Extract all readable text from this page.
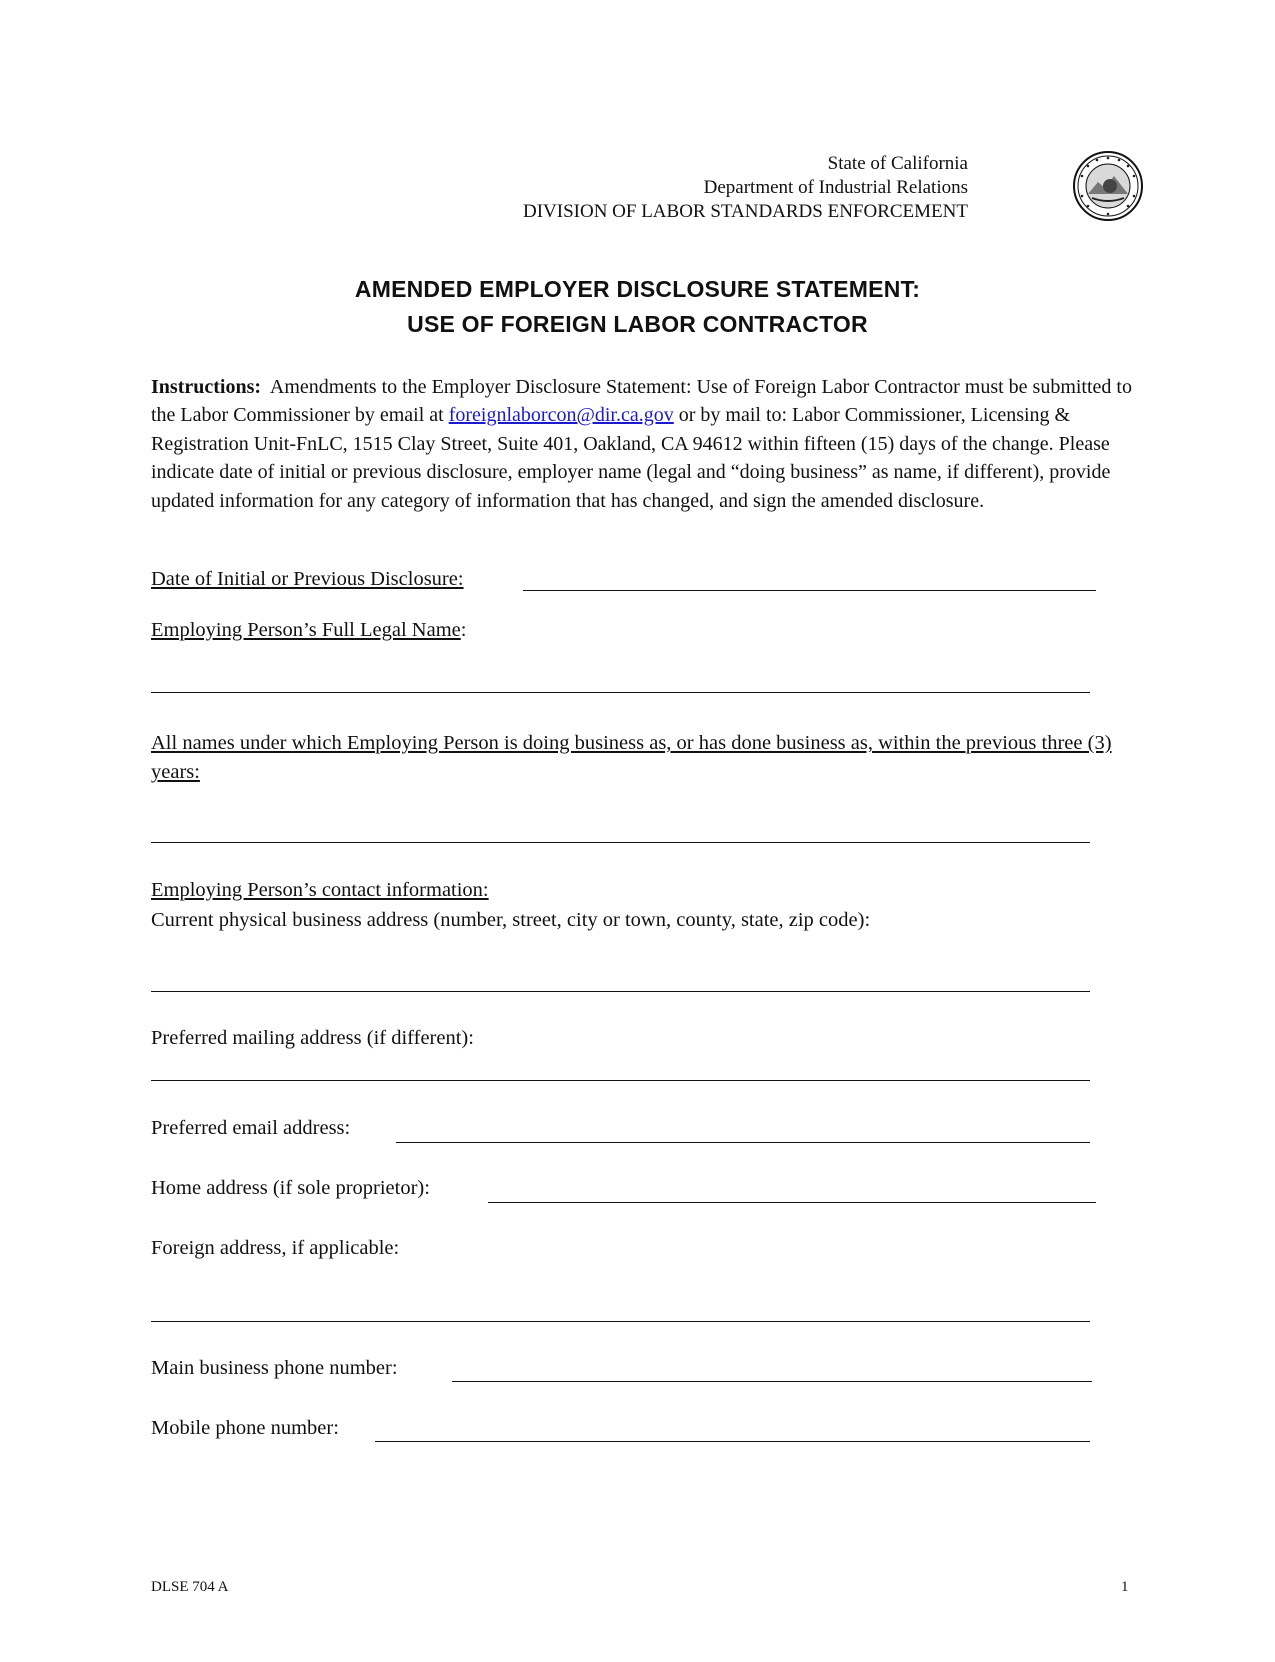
State of California
Department of Industrial Relations
DIVISION OF LABOR STANDARDS ENFORCEMENT
AMENDED EMPLOYER DISCLOSURE STATEMENT:
USE OF FOREIGN LABOR CONTRACTOR
Instructions: Amendments to the Employer Disclosure Statement: Use of Foreign Labor Contractor must be submitted to the Labor Commissioner by email at foreignlaborcon@dir.ca.gov or by mail to: Labor Commissioner, Licensing & Registration Unit-FnLC, 1515 Clay Street, Suite 401, Oakland, CA 94612 within fifteen (15) days of the change. Please indicate date of initial or previous disclosure, employer name (legal and “doing business” as name, if different), provide updated information for any category of information that has changed, and sign the amended disclosure.
Date of Initial or Previous Disclosure:
Employing Person’s Full Legal Name:
All names under which Employing Person is doing business as, or has done business as, within the previous three (3) years:
Employing Person’s contact information:
Current physical business address (number, street, city or town, county, state, zip code):
Preferred mailing address (if different):
Preferred email address:
Home address (if sole proprietor):
Foreign address, if applicable:
Main business phone number:
Mobile phone number:
DLSE 704 A	1
